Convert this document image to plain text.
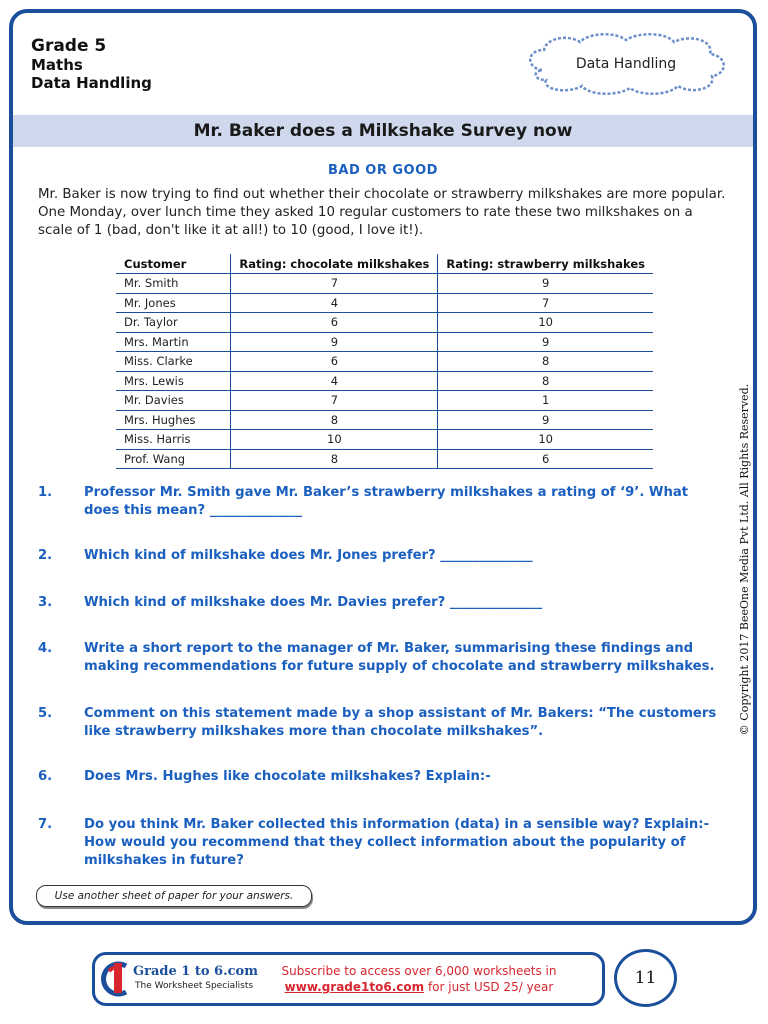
Grade 5
Maths
Data Handling
Data Handling
Mr. Baker does a Milkshake Survey now
BAD OR GOOD
Mr. Baker is now trying to find out whether their chocolate or strawberry milkshakes are more popular. One Monday, over lunch time they asked 10 regular customers to rate these two milkshakes on a scale of 1 (bad, don't like it at all!) to 10 (good, I love it!).
Customer	Rating: chocolate milkshakes	Rating: strawberry milkshakes
Mr. Smith	7	9
Mr. Jones	4	7
Dr. Taylor	6	10
Mrs. Martin	9	9
Miss. Clarke	6	8
Mrs. Lewis	4	8
Mr. Davies	7	1
Mrs. Hughes	8	9
Miss. Harris	10	10
Prof. Wang	8	6
1. Professor Mr. Smith gave Mr. Baker’s strawberry milkshakes a rating of ‘9’. What does this mean? ______________
2. Which kind of milkshake does Mr. Jones prefer? ______________
3. Which kind of milkshake does Mr. Davies prefer? ______________
4. Write a short report to the manager of Mr. Baker, summarising these findings and making recommendations for future supply of chocolate and strawberry milkshakes.
5. Comment on this statement made by a shop assistant of Mr. Bakers: “The customers like strawberry milkshakes more than chocolate milkshakes”.
6. Does Mrs. Hughes like chocolate milkshakes? Explain:-
7. Do you think Mr. Baker collected this information (data) in a sensible way? Explain:- How would you recommend that they collect information about the popularity of milkshakes in future?
Use another sheet of paper for your answers.
© Copyright 2017 BeeOne Media Pvt Ltd. All Rights Reserved.
Grade 1 to 6.com
The Worksheet Specialists
Subscribe to access over 6,000 worksheets in
www.grade1to6.com for just USD 25/ year	11
